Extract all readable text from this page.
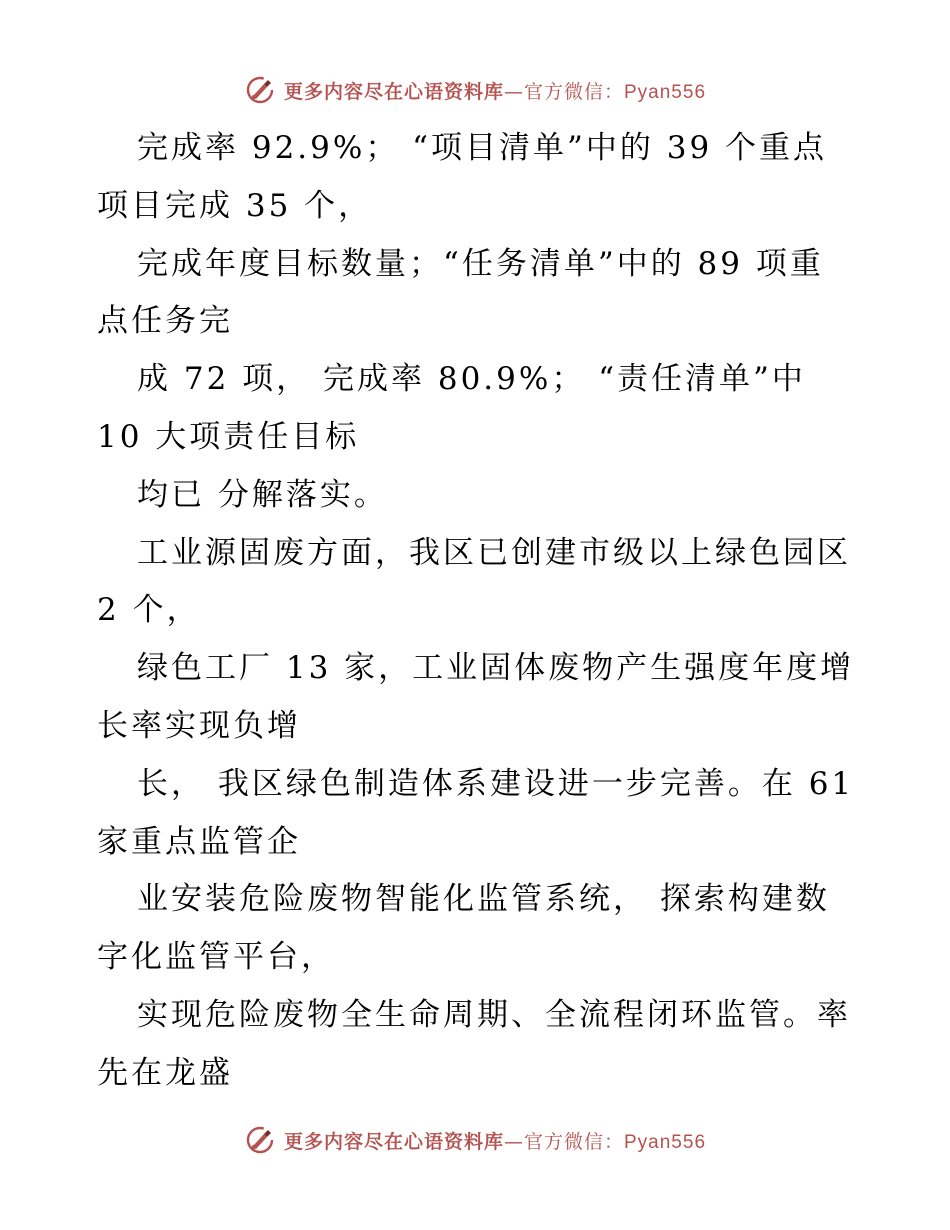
更多内容尽在心语资料库—官方微信：Pyan556
完成率 92.9%； “项目清单”中的 39 个重点
项目完成 35 个，
完成年度目标数量；“任务清单”中的 89 项重
点任务完
成 72 项， 完成率 80.9%； “责任清单”中
10 大项责任目标
均已 分解落实。
工业源固废方面，我区已创建市级以上绿色园区
2 个，
绿色工厂 13 家，工业固体废物产生强度年度增
长率实现负增
长， 我区绿色制造体系建设进一步完善。在 61
家重点监管企
业安装危险废物智能化监管系统， 探索构建数
字化监管平台，
实现危险废物全生命周期、全流程闭环监管。率
先在龙盛
更多内容尽在心语资料库—官方微信：Pyan556
